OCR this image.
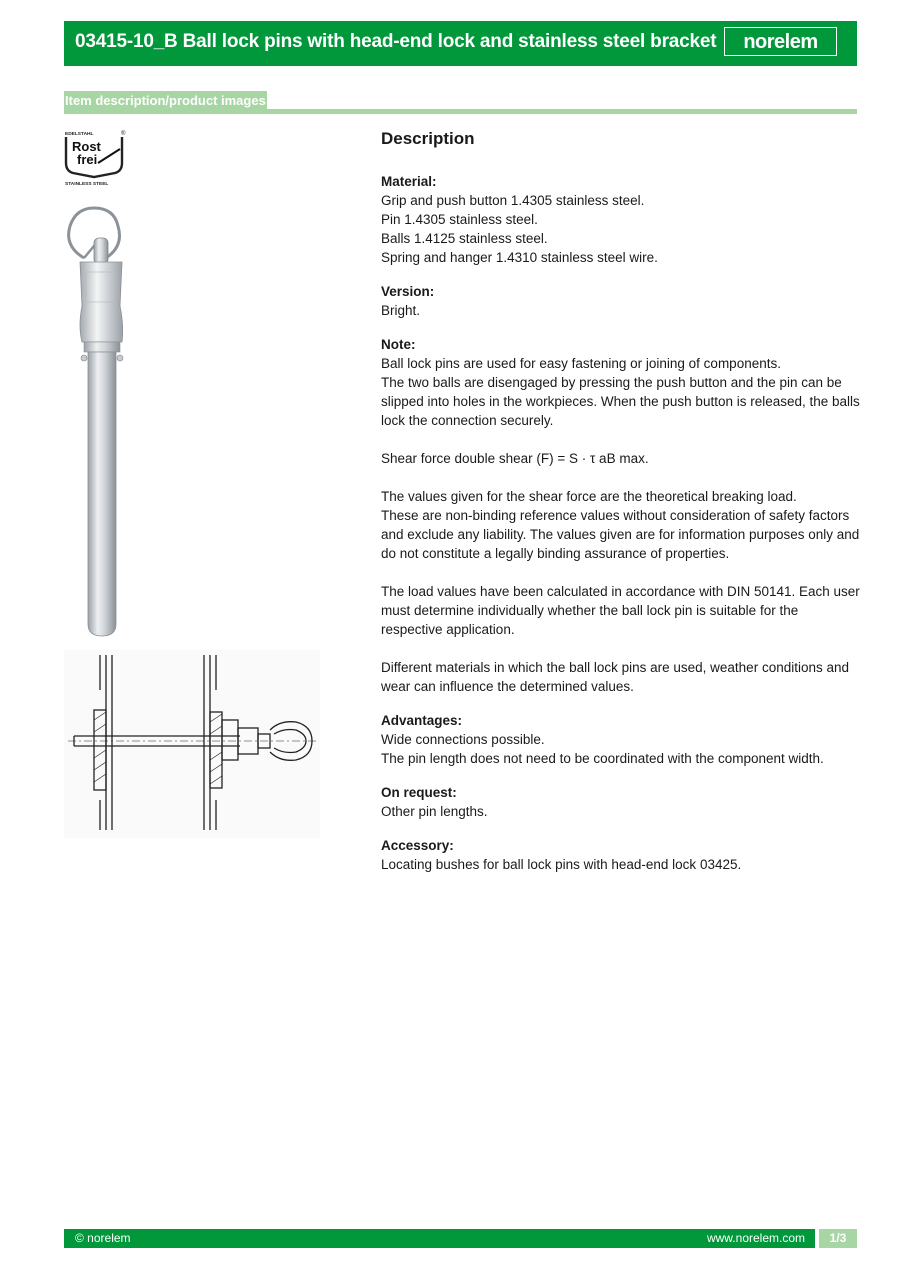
03415-10_B Ball lock pins with head-end lock and stainless steel bracket norelem
Item description/product images
EDELSTAHL	®
Rost
frei
STAINLESS STEEL
Description
Material:
Grip and push button 1.4305 stainless steel.
Pin 1.4305 stainless steel.
Balls 1.4125 stainless steel.
Spring and hanger 1.4310 stainless steel wire.
Version:
Bright.
Note:
Ball lock pins are used for easy fastening or joining of components.
The two balls are disengaged by pressing the push button and the pin can be slipped into holes in the workpieces. When the push button is released, the balls lock the connection securely.
Shear force double shear (F) = S · τ aB max.
The values given for the shear force are the theoretical breaking load.
These are non-binding reference values without consideration of safety factors and exclude any liability. The values given are for information purposes only and do not constitute a legally binding assurance of properties.
The load values have been calculated in accordance with DIN 50141. Each user must determine individually whether the ball lock pin is suitable for the respective application.
Different materials in which the ball lock pins are used, weather conditions and wear can influence the determined values.
Advantages:
Wide connections possible.
The pin length does not need to be coordinated with the component width.
On request:
Other pin lengths.
Accessory:
Locating bushes for ball lock pins with head-end lock 03425.
© norelem	www.norelem.com	1/3
